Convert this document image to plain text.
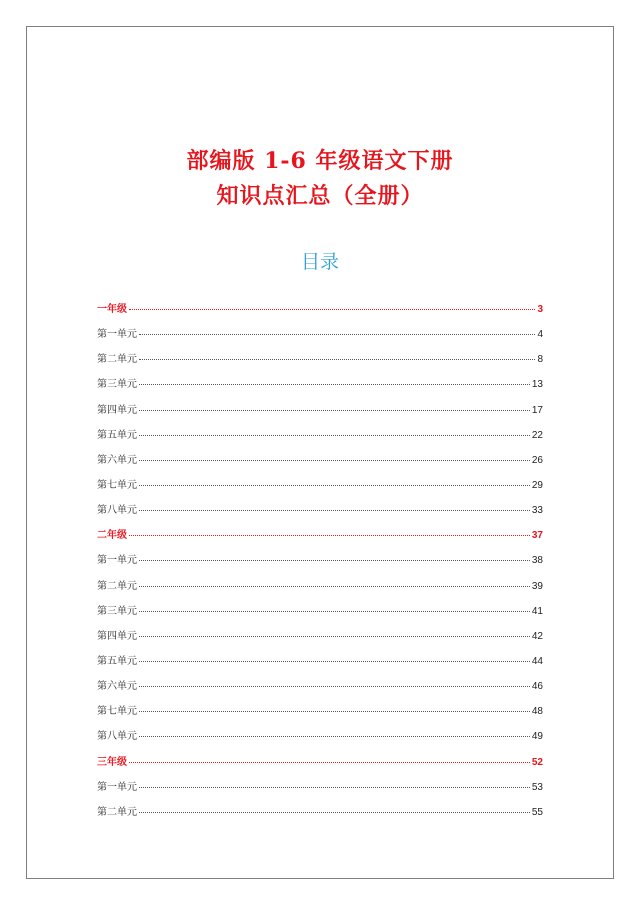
部编版 1-6 年级语文下册
知识点汇总（全册）
目录
一年级	3
第一单元	4
第二单元	8
第三单元	13
第四单元	17
第五单元	22
第六单元	26
第七单元	29
第八单元	33
二年级	37
第一单元	38
第二单元	39
第三单元	41
第四单元	42
第五单元	44
第六单元	46
第七单元	48
第八单元	49
三年级	52
第一单元	53
第二单元	55
